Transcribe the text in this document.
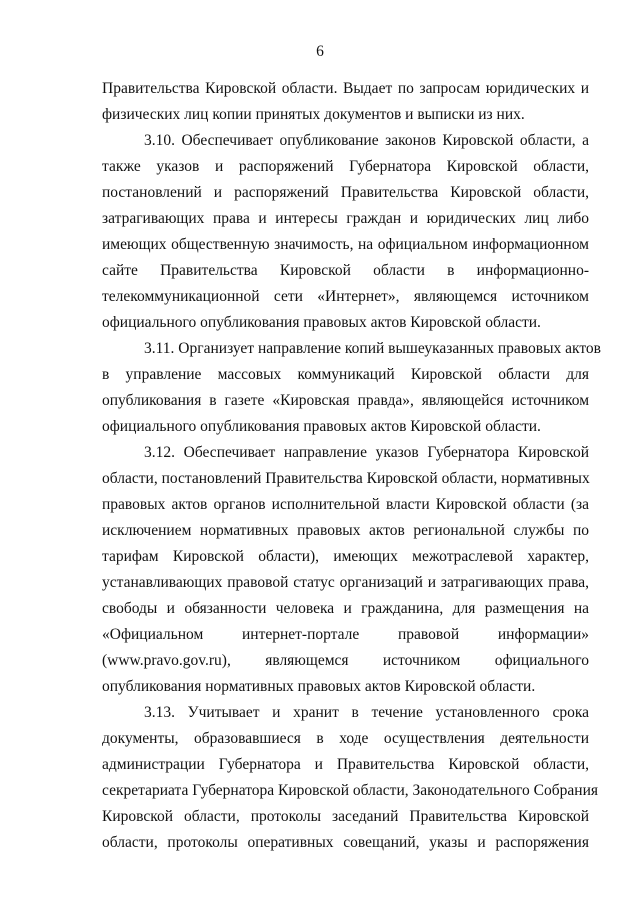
6

Правительства Кировской области. Выдает по запросам юридических и
физических лиц копии принятых документов и выписки из них.

3.10. Обеспечивает опубликование законов Кировской области, а
также указов и распоряжений Губернатора Кировской области,
постановлений и распоряжений Правительства Кировской области,
затрагивающих права и интересы граждан и юридических лиц либо
имеющих общественную значимость, на официальном информационном
сайте Правительства Кировской области в информационно-
телекоммуникационной сети «Интернет», являющемся источником
официального опубликования правовых актов Кировской области.

3.11. Организует направление копий вышеуказанных правовых актов
в управление массовых коммуникаций Кировской области для
опубликования в газете «Кировская правда», являющейся источником
официального опубликования правовых актов Кировской области.

3.12. Обеспечивает направление указов Губернатора Кировской
области, постановлений Правительства Кировской области, нормативных
правовых актов органов исполнительной власти Кировской области (за
исключением нормативных правовых актов региональной службы по
тарифам Кировской области), имеющих межотраслевой характер,
устанавливающих правовой статус организаций и затрагивающих права,
свободы и обязанности человека и гражданина, для размещения на
«Официальном интернет-портале правовой информации»
(www.pravo.gov.ru), являющемся источником официального
опубликования нормативных правовых актов Кировской области.

3.13. Учитывает и хранит в течение установленного срока
документы, образовавшиеся в ходе осуществления деятельности
администрации Губернатора и Правительства Кировской области,
секретариата Губернатора Кировской области, Законодательного Собрания
Кировской области, протоколы заседаний Правительства Кировской
области, протоколы оперативных совещаний, указы и распоряжения
